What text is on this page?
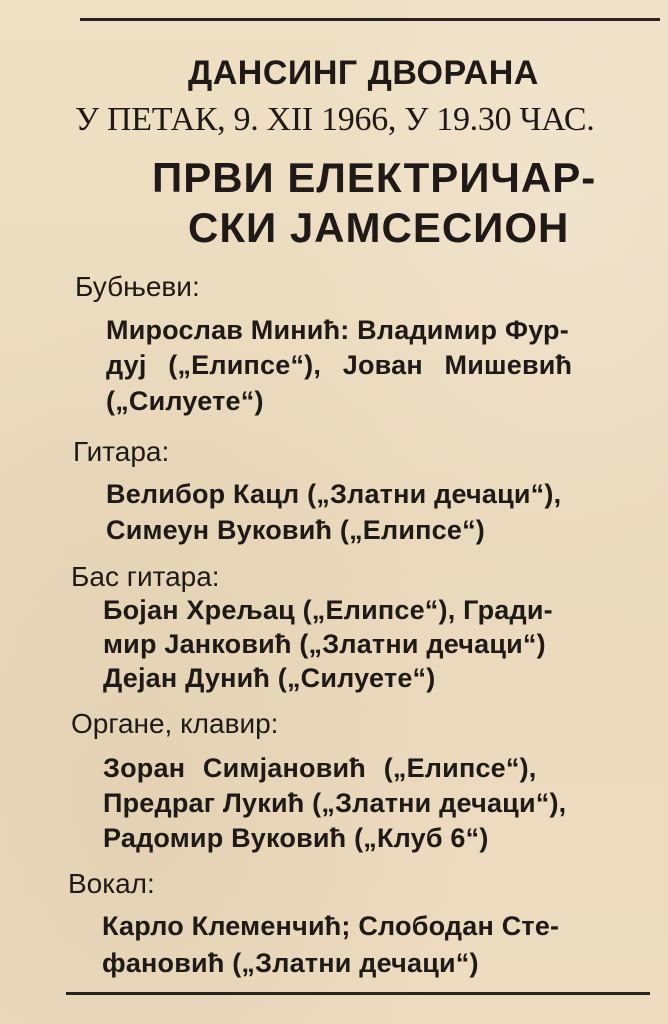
ДАНСИНГ ДВОРАНА
У ПЕТАК, 9. XII 1966, У 19.30 ЧАС.
ПРВИ ЕЛЕКТРИЧАР-
СКИ ЈАМСЕСИОН
Бубњеви:
Мирослав Минић: Владимир Фур-
дуј („Елипсе“), Јован Мишевић
(„Силуете“)
Гитара:
Велибор Кацл („Златни дечаци“),
Симеун Вуковић („Елипсе“)
Бас гитара:
Бојан Хрељац („Елипсе“), Гради-
мир Јанковић („Златни дечаци“)
Дејан Дунић („Силуете“)
Органе, клавир:
Зоран Симјановић („Елипсе“),
Предраг Лукић („Златни дечаци“),
Радомир Вуковић („Клуб 6“)
Вокал:
Карло Клеменчић; Слободан Сте-
фановић („Златни дечаци“)
